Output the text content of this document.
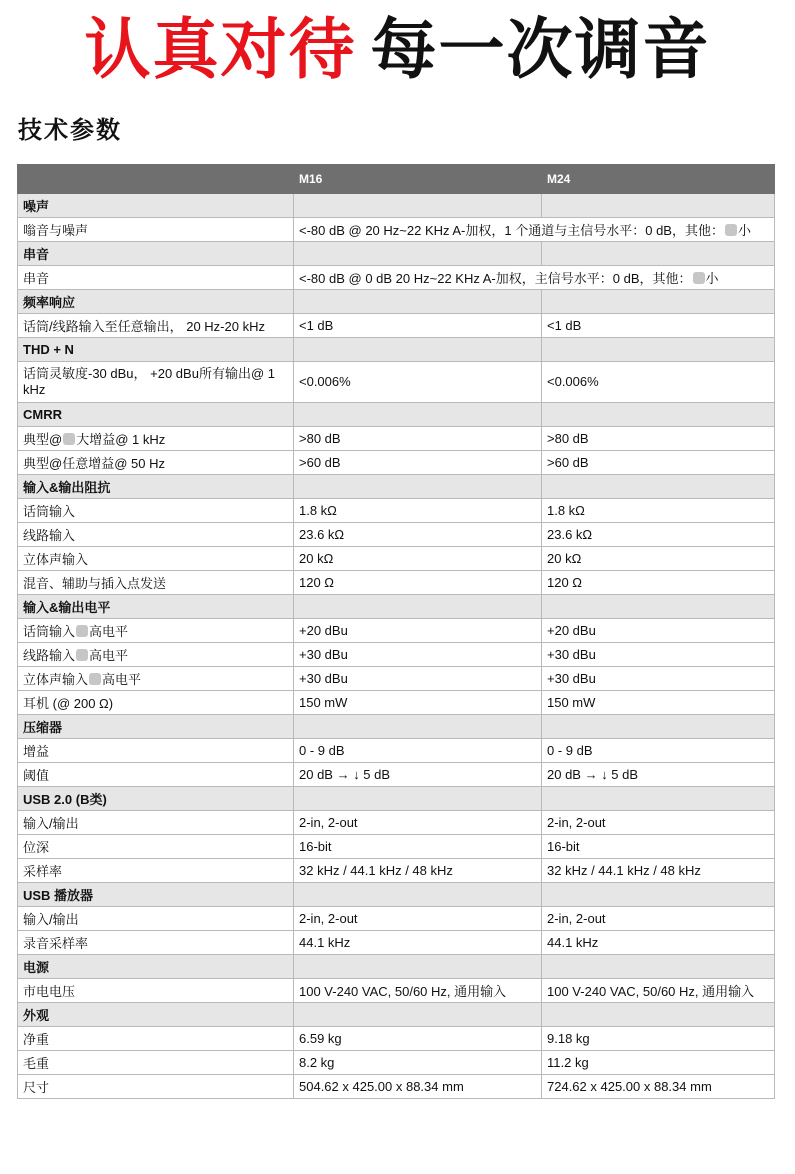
认真对待 每一次调音
技术参数
	M16	M24
噪声		
嗡音与噪声	<-80 dB @ 20 Hz~22 KHz A-加权，1 个通道与主信号水平：0 dB，其他： 小	
串音		
串音	<-80 dB @ 0 dB 20 Hz~22 KHz A-加权，主信号水平：0 dB，其他： 小	
频率响应		
话筒/线路输入至任意输出， 20 Hz-20 kHz	<1 dB	<1 dB
THD + N		
话筒灵敏度-30 dBu， +20 dBu所有输出@ 1 kHz	<0.006%	<0.006%
CMRR		
典型@ 大增益@ 1 kHz	>80 dB	>80 dB
典型@任意增益@ 50 Hz	>60 dB	>60 dB
输入&输出阻抗		
话筒输入	1.8 kΩ	1.8 kΩ
线路输入	23.6 kΩ	23.6 kΩ
立体声输入	20 kΩ	20 kΩ
混音、辅助与插入点发送	120 Ω	120 Ω
输入&输出电平		
话筒输入 高电平	+20 dBu	+20 dBu
线路输入 高电平	+30 dBu	+30 dBu
立体声输入 高电平	+30 dBu	+30 dBu
耳机 (@ 200 Ω)	150 mW	150 mW
压缩器		
增益	0 - 9 dB	0 - 9 dB
阈值	20 dB → ↓ 5 dB	20 dB → ↓ 5 dB
USB 2.0 (B类)		
输入/输出	2-in, 2-out	2-in, 2-out
位深	16-bit	16-bit
采样率	32 kHz / 44.1 kHz / 48 kHz	32 kHz / 44.1 kHz / 48 kHz
USB 播放器		
输入/输出	2-in, 2-out	2-in, 2-out
录音采样率	44.1 kHz	44.1 kHz
电源		
市电电压	100 V-240 VAC, 50/60 Hz, 通用输入	100 V-240 VAC, 50/60 Hz, 通用输入
外观		
净重	6.59 kg	9.18 kg
毛重	8.2 kg	11.2 kg
尺寸	504.62 x 425.00 x 88.34 mm	724.62 x 425.00 x 88.34 mm
